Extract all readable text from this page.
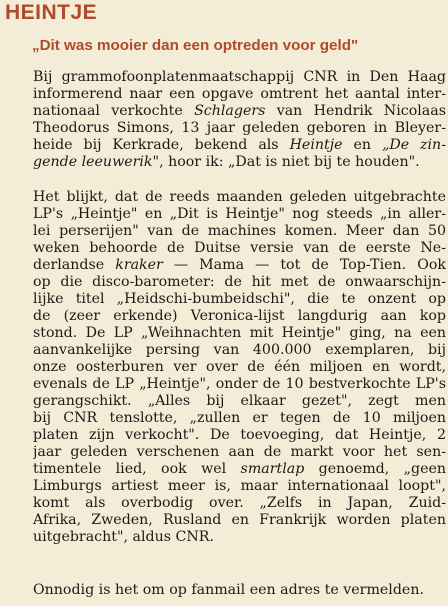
HEINTJE
„Dit was mooier dan een optreden voor geld"
Bij grammofoonplatenmaatschappij CNR in Den Haag
informerend naar een opgave omtrent het aantal inter-
nationaal verkochte Schlagers van Hendrik Nicolaas
Theodorus Simons, 13 jaar geleden geboren in Bleyer-
heide bij Kerkrade, bekend als Heintje en „De zin-
gende leeuwerik", hoor ik: „Dat is niet bij te houden".
Het blijkt, dat de reeds maanden geleden uitgebrachte
LP's „Heintje" en „Dit is Heintje" nog steeds „in aller-
lei perserijen" van de machines komen. Meer dan 50
weken behoorde de Duitse versie van de eerste Ne-
derlandse kraker — Mama — tot de Top-Tien. Ook
op die disco-barometer: de hit met de onwaarschijn-
lijke titel „Heidschi-bumbeidschi", die te onzent op
de (zeer erkende) Veronica-lijst langdurig aan kop
stond. De LP „Weihnachten mit Heintje" ging, na een
aanvankelijke persing van 400.000 exemplaren, bij
onze oosterburen ver over de één miljoen en wordt,
evenals de LP „Heintje", onder de 10 bestverkochte LP's
gerangschikt. „Alles bij elkaar gezet", zegt men
bij CNR tenslotte, „zullen er tegen de 10 miljoen
platen zijn verkocht". De toevoeging, dat Heintje, 2
jaar geleden verschenen aan de markt voor het sen-
timentele lied, ook wel smartlap genoemd, „geen
Limburgs artiest meer is, maar internationaal loopt",
komt als overbodig over. „Zelfs in Japan, Zuid-
Afrika, Zweden, Rusland en Frankrijk worden platen
uitgebracht", aldus CNR.
Onnodig is het om op fanmail een adres te vermelden.
